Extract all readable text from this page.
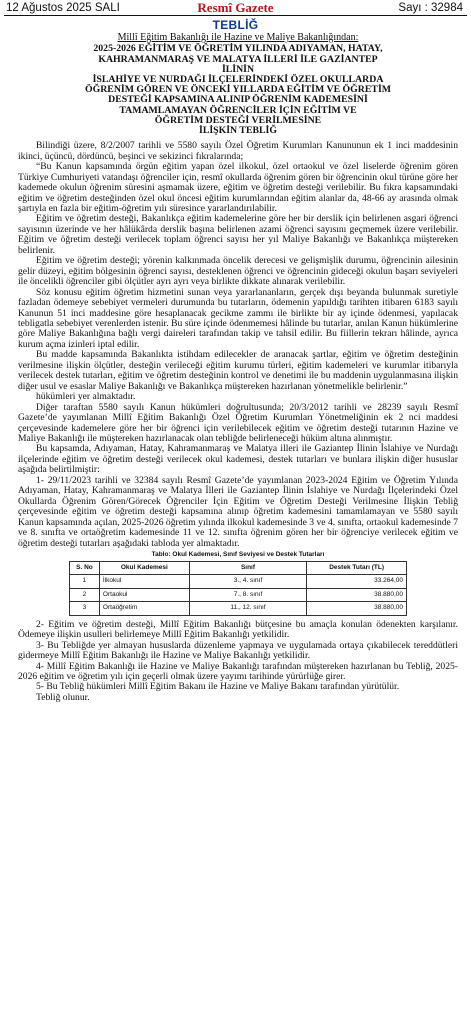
12 Ağustos 2025 SALI	Resmî Gazete	Sayı : 32984
TEBLİĞ
Millî Eğitim Bakanlığı ile Hazine ve Maliye Bakanlığından:
2025-2026 EĞİTİM VE ÖĞRETİM YILINDA ADIYAMAN, HATAY,
KAHRAMANMARAŞ VE MALATYA İLLERİ İLE GAZİANTEP
İLİNİN
İSLAHİYE VE NURDAĞI İLÇELERİNDEKİ ÖZEL OKULLARDA
ÖĞRENİM GÖREN VE ÖNCEKİ YILLARDA EĞİTİM VE ÖĞRETİM
DESTEĞİ KAPSAMINA ALINIP ÖĞRENİM KADEMESİNİ
TAMAMLAMAYAN ÖĞRENCİLER İÇİN EĞİTİM VE
ÖĞRETİM DESTEĞİ VERİLMESİNE
İLİŞKİN TEBLİĞ

Bilindiği üzere, 8/2/2007 tarihli ve 5580 sayılı Özel Öğretim Kurumları Kanununun ek 1 inci maddesinin ikinci, üçüncü, dördüncü, beşinci ve sekizinci fıkralarında;

“Bu Kanun kapsamında örgün eğitim yapan özel ilkokul, özel ortaokul ve özel liselerde öğrenim gören Türkiye Cumhuriyeti vatandaşı öğrenciler için, resmî okullarda öğrenim gören bir öğrencinin okul türüne göre her kademede okulun öğrenim süresini aşmamak üzere, eğitim ve öğretim desteği verilebilir. Bu fıkra kapsamındaki eğitim ve öğretim desteğinden özel okul öncesi eğitim kurumlarından eğitim alanlar da, 48-66 ay arasında olmak şartıyla en fazla bir eğitim-öğretim yılı süresince yararlandırılabilir.

Eğitim ve öğretim desteği, Bakanlıkça eğitim kademelerine göre her bir derslik için belirlenen asgari öğrenci sayısının üzerinde ve her hâlükârda derslik başına belirlenen azami öğrenci sayısını geçmemek üzere verilebilir. Eğitim ve öğretim desteği verilecek toplam öğrenci sayısı her yıl Maliye Bakanlığı ve Bakanlıkça müştereken belirlenir.

Eğitim ve öğretim desteği; yörenin kalkınmada öncelik derecesi ve gelişmişlik durumu, öğrencinin ailesinin gelir düzeyi, eğitim bölgesinin öğrenci sayısı, desteklenen öğrenci ve öğrencinin gideceği okulun başarı seviyeleri ile öncelikli öğrenciler gibi ölçütler ayrı ayrı veya birlikte dikkate alınarak verilebilir.

Söz konusu eğitim öğretim hizmetini sunan veya yararlananların, gerçek dışı beyanda bulunmak suretiyle fazladan ödemeye sebebiyet vermeleri durumunda bu tutarların, ödemenin yapıldığı tarihten itibaren 6183 sayılı Kanunun 51 inci maddesine göre hesaplanacak gecikme zammı ile birlikte bir ay içinde ödenmesi, yapılacak tebligatla sebebiyet verenlerden istenir. Bu süre içinde ödenmemesi hâlinde bu tutarlar, anılan Kanun hükümlerine göre Maliye Bakanlığına bağlı vergi daireleri tarafından takip ve tahsil edilir. Bu fiillerin tekrarı hâlinde, ayrıca kurum açma izinleri iptal edilir.

Bu madde kapsamında Bakanlıkta istihdam edilecekler de aranacak şartlar, eğitim ve öğretim desteğinin verilmesine ilişkin ölçütler, desteğin verileceği eğitim kurumu türleri, eğitim kademeleri ve kurumlar itibarıyla verilecek destek tutarları, eğitim ve öğretim desteğinin kontrol ve denetimi ile bu maddenin uygulanmasına ilişkin diğer usul ve esaslar Maliye Bakanlığı ve Bakanlıkça müştereken hazırlanan yönetmelikle belirlenir.”

hükümleri yer almaktadır.

Diğer taraftan 5580 sayılı Kanun hükümleri doğrultusunda; 20/3/2012 tarihli ve 28239 sayılı Resmî Gazete’de yayımlanan Millî Eğitim Bakanlığı Özel Öğretim Kurumları Yönetmeliğinin ek 2 nci maddesi çerçevesinde kademelere göre her bir öğrenci için verilebilecek eğitim ve öğretim desteği tutarının Hazine ve Maliye Bakanlığı ile müştereken hazırlanacak olan tebliğde belirleneceği hüküm altına alınmıştır.

Bu kapsamda, Adıyaman, Hatay, Kahramanmaraş ve Malatya illeri ile Gaziantep İlinin İslahiye ve Nurdağı ilçelerinde eğitim ve öğretim desteği verilecek okul kademesi, destek tutarları ve bunlara ilişkin diğer hususlar aşağıda belirtilmiştir:

1- 29/11/2023 tarihli ve 32384 sayılı Resmî Gazete’de yayımlanan 2023-2024 Eğitim ve Öğretim Yılında Adıyaman, Hatay, Kahramanmaraş ve Malatya İlleri ile Gaziantep İlinin İslahiye ve Nurdağı İlçelerindeki Özel Okullarda Öğrenim Gören/Görecek Öğrenciler İçin Eğitim ve Öğretim Desteği Verilmesine İlişkin Tebliğ çerçevesinde eğitim ve öğretim desteği kapsamına alınıp öğretim kademesini tamamlamayan ve 5580 sayılı Kanun kapsamında açılan, 2025-2026 öğretim yılında ilkokul kademesinde 3 ve 4. sınıfta, ortaokul kademesinde 7 ve 8. sınıfta ve ortaöğretim kademesinde 11 ve 12. sınıfta öğrenim gören her bir öğrenciye verilecek eğitim ve öğretim desteği tutarları aşağıdaki tabloda yer almaktadır.

Tablo: Okul Kademesi, Sınıf Seviyesi ve Destek Tutarları
S. No	Okul Kademesi	Sınıf	Destek Tutarı (TL)
1	İlkokul	3., 4. sınıf	33.264,00
2	Ortaokul	7., 8. sınıf	38.880,00
3	Ortaöğretim	11., 12. sınıf	38.880,00

2- Eğitim ve öğretim desteği, Millî Eğitim Bakanlığı bütçesine bu amaçla konulan ödenekten karşılanır. Ödemeye ilişkin usulleri belirlemeye Millî Eğitim Bakanlığı yetkilidir.

3- Bu Tebliğde yer almayan hususlarda düzenleme yapmaya ve uygulamada ortaya çıkabilecek tereddütleri gidermeye Millî Eğitim Bakanlığı ile Hazine ve Maliye Bakanlığı yetkilidir.

4- Millî Eğitim Bakanlığı ile Hazine ve Maliye Bakanlığı tarafından müştereken hazırlanan bu Tebliğ, 2025-2026 eğitim ve öğretim yılı için geçerli olmak üzere yayımı tarihinde yürürlüğe girer.

5- Bu Tebliğ hükümleri Millî Eğitim Bakanı ile Hazine ve Maliye Bakanı tarafından yürütülür.

Tebliğ olunur.
